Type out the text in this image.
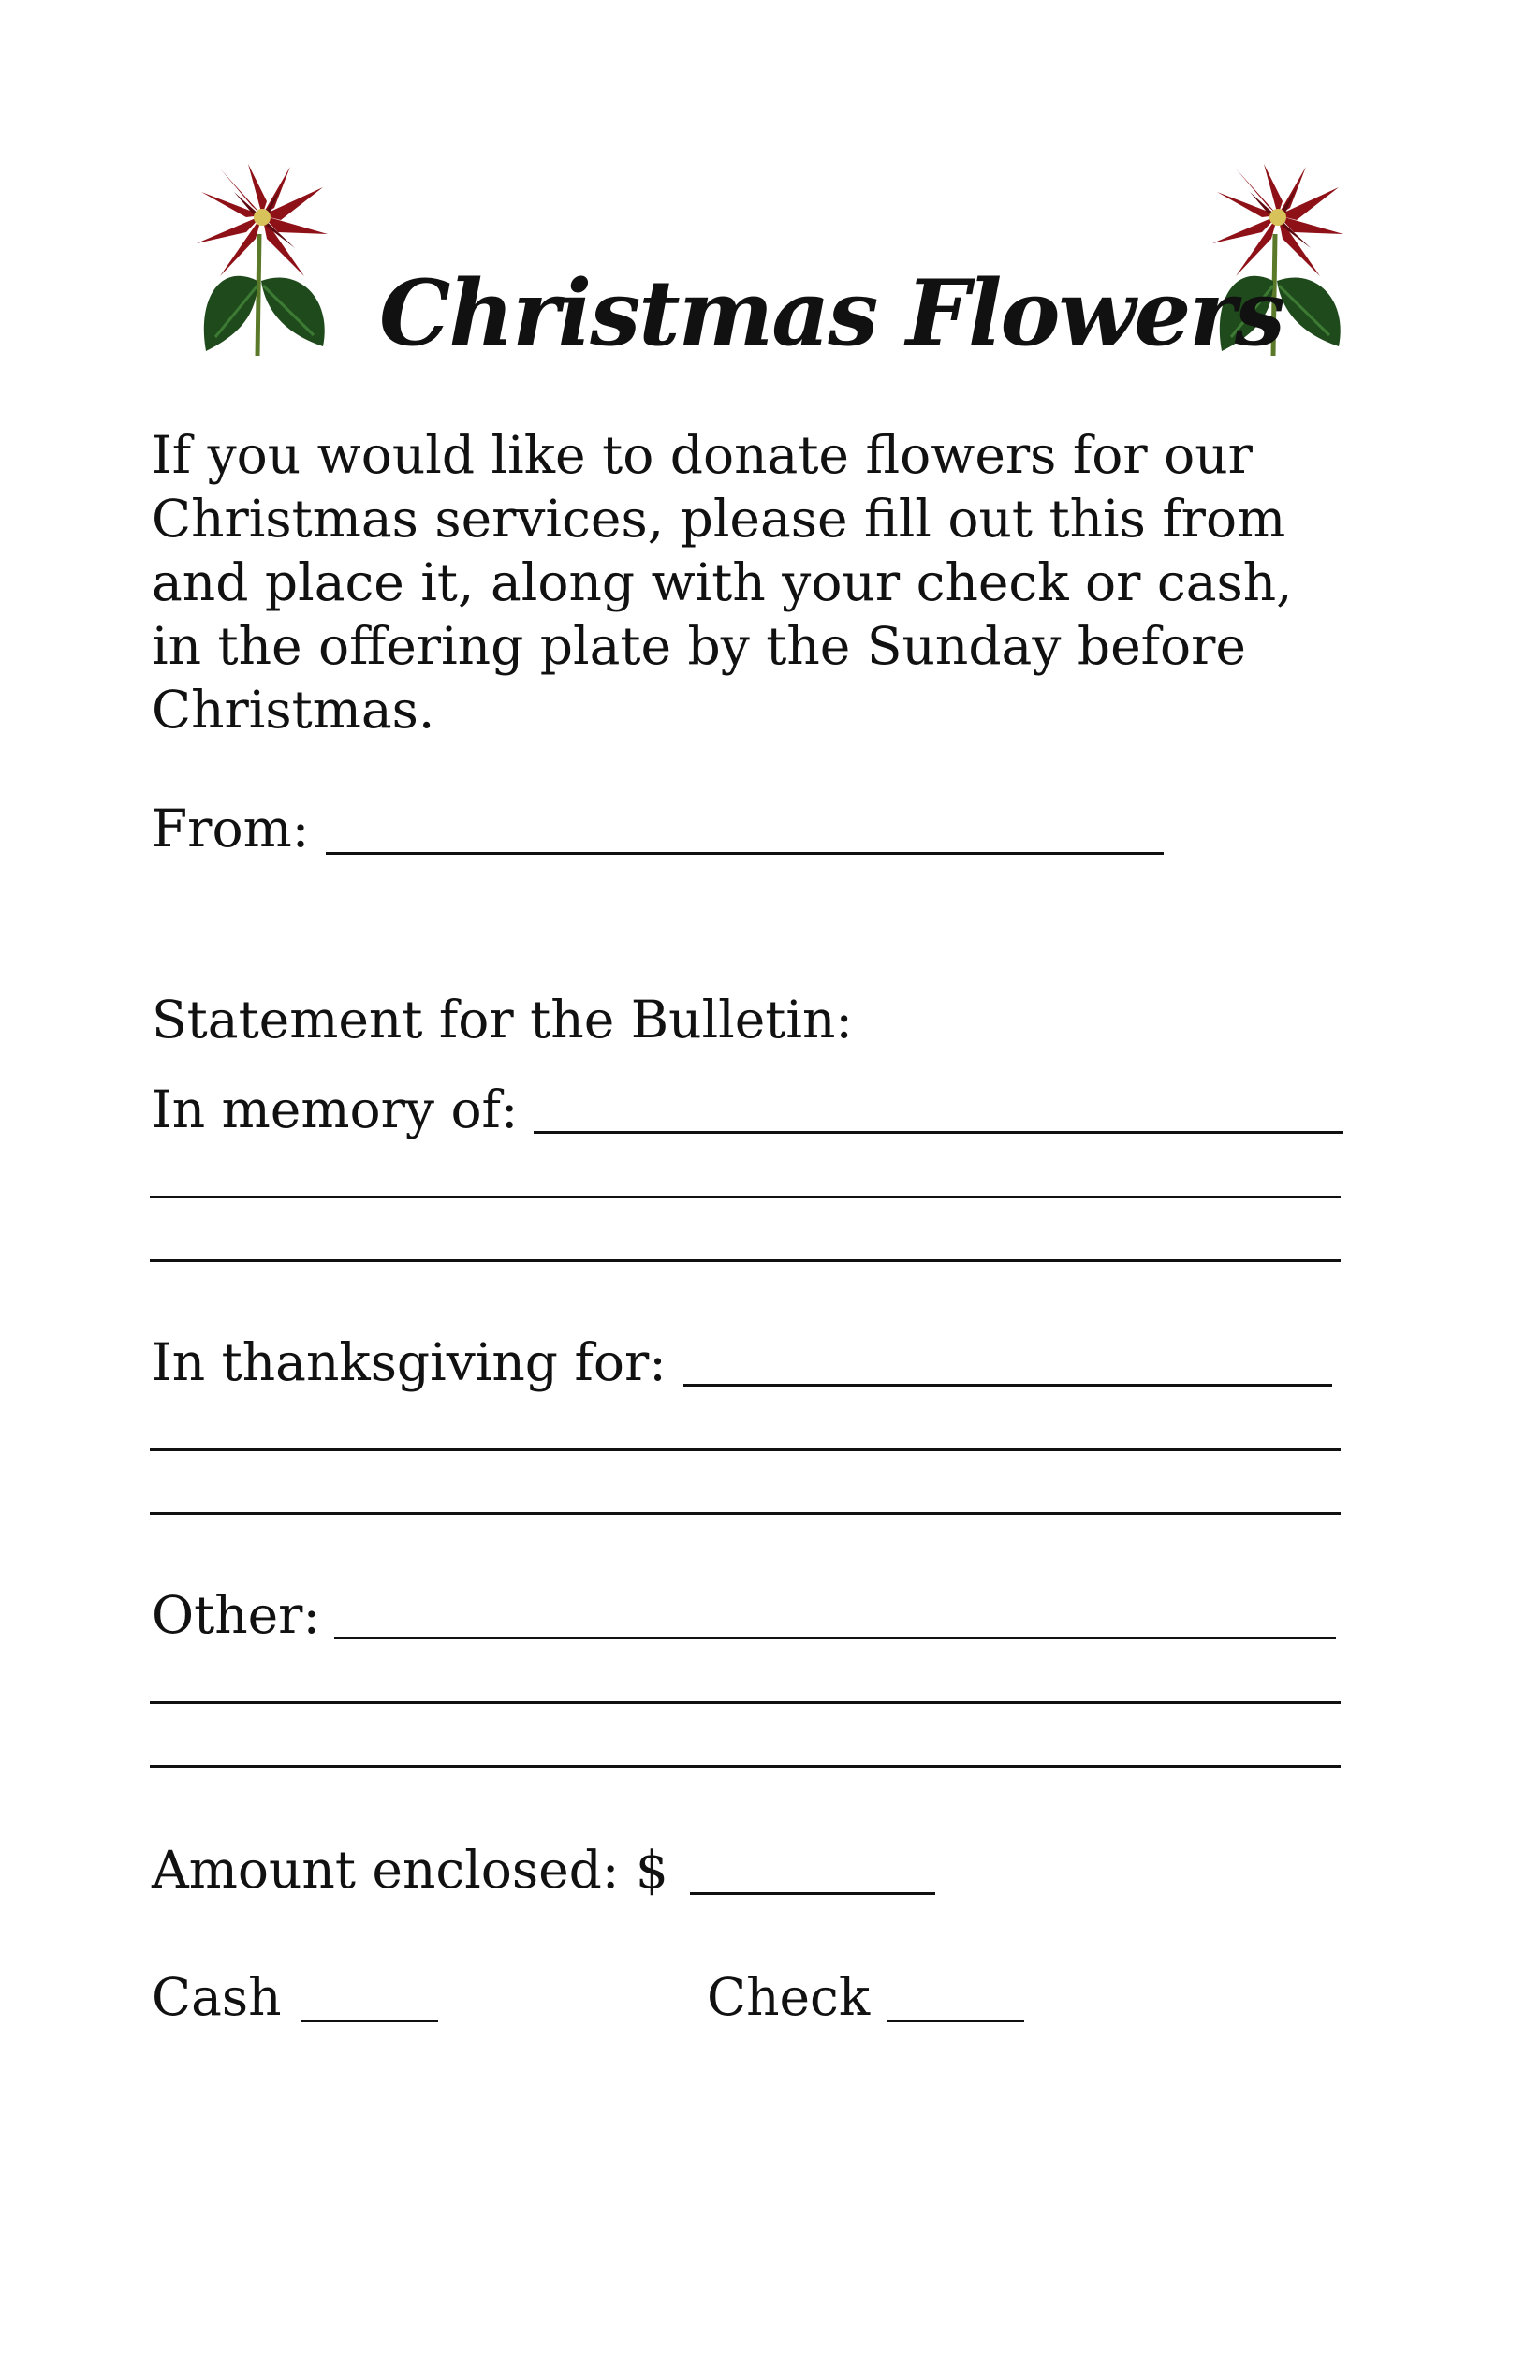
Christmas Flowers
If you would like to donate flowers for our
Christmas services, please fill out this from
and place it, along with your check or cash,
in the offering plate by the Sunday before
Christmas.
From:
Statement for the Bulletin:
In memory of:
In thanksgiving for:
Other:
Amount enclosed: $
Cash	Check
